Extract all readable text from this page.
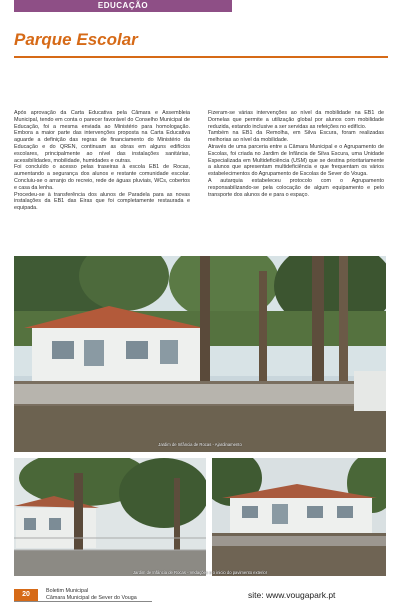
EDUCAÇÃO
Parque Escolar

Após aprovação da Carta Educativa pela Câmara e Assembleia Municipal, tendo em conta o parecer favorável do Conselho Municipal de Educação, foi a mesma enviada ao Ministério para homologação. Embora a maior parte das intervenções proposta na Carta Educativa aguarde a definição das regras de financiamento do Ministério da Educação e do QREN, continuam as obras em alguns edifícios escolares, principalmente ao nível das instalações sanitárias, acessibilidades, mobilidade, humidades e outras.

Foi concluído o acesso pelas traseiras à escola EB1 de Rocas, aumentando a segurança dos alunos e restante comunidade escolar. Concluiu-se o arranjo do recreio, rede de águas pluviais, WCs, cobertos e casa da lenha.

Procedeu-se à transferência dos alunos de Paradela para as novas instalações da EB1 das Eiras que foi completamente restaurada e equipada.

Fizeram-se várias intervenções ao nível da mobilidade na EB1 de Dornelas que permite a utilização global por alunos com mobilidade reduzida, estando inclusive a ser servidas as refeições no edifício.

Também na EB1 da Remolha, em Silva Escura, foram realizadas melhorias ao nível da mobilidade.

Através de uma parceria entre a Câmara Municipal e o Agrupamento de Escolas, foi criada no Jardim de Infância de Silva Escura, uma Unidade Especializada em Multideficiência (USM) que se destina prioritariamente a alunos que apresentam multideficiência e que frequentam os vários estabelecimentos do Agrupamento de Escolas de Sever do Vouga.

A autarquia estabeleceu protocolo com o Agrupamento responsabilizando-se pela colocação de algum equipamento e pelo transporte dos alunos de e para o espaço.

Jardim de Infância de Rocas - Ajardinamento
Jardim de Infância de Rocas - Vedações e o inicio do pavimento exterior
20	Boletim Municipal
Câmara Municipal de Sever do Vouga	site: www.vougapark.pt
